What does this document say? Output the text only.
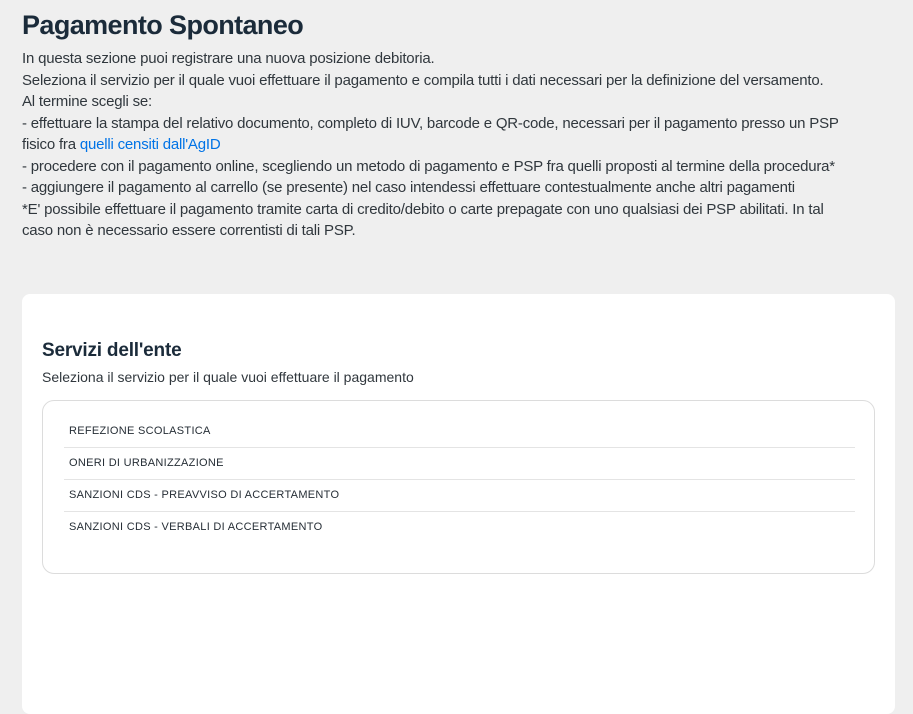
Pagamento Spontaneo
In questa sezione puoi registrare una nuova posizione debitoria.
Seleziona il servizio per il quale vuoi effettuare il pagamento e compila tutti i dati necessari per la definizione del versamento.
Al termine scegli se:
- effettuare la stampa del relativo documento, completo di IUV, barcode e QR-code, necessari per il pagamento presso un PSP
fisico fra quelli censiti dall'AgID
- procedere con il pagamento online, scegliendo un metodo di pagamento e PSP fra quelli proposti al termine della procedura*
- aggiungere il pagamento al carrello (se presente) nel caso intendessi effettuare contestualmente anche altri pagamenti
*E' possibile effettuare il pagamento tramite carta di credito/debito o carte prepagate con uno qualsiasi dei PSP abilitati. In tal
caso non è necessario essere correntisti di tali PSP.
Servizi dell'ente

Seleziona il servizio per il quale vuoi effettuare il pagamento

REFEZIONE SCOLASTICA
ONERI DI URBANIZZAZIONE
SANZIONI CDS - PREAVVISO DI ACCERTAMENTO
SANZIONI CDS - VERBALI DI ACCERTAMENTO
